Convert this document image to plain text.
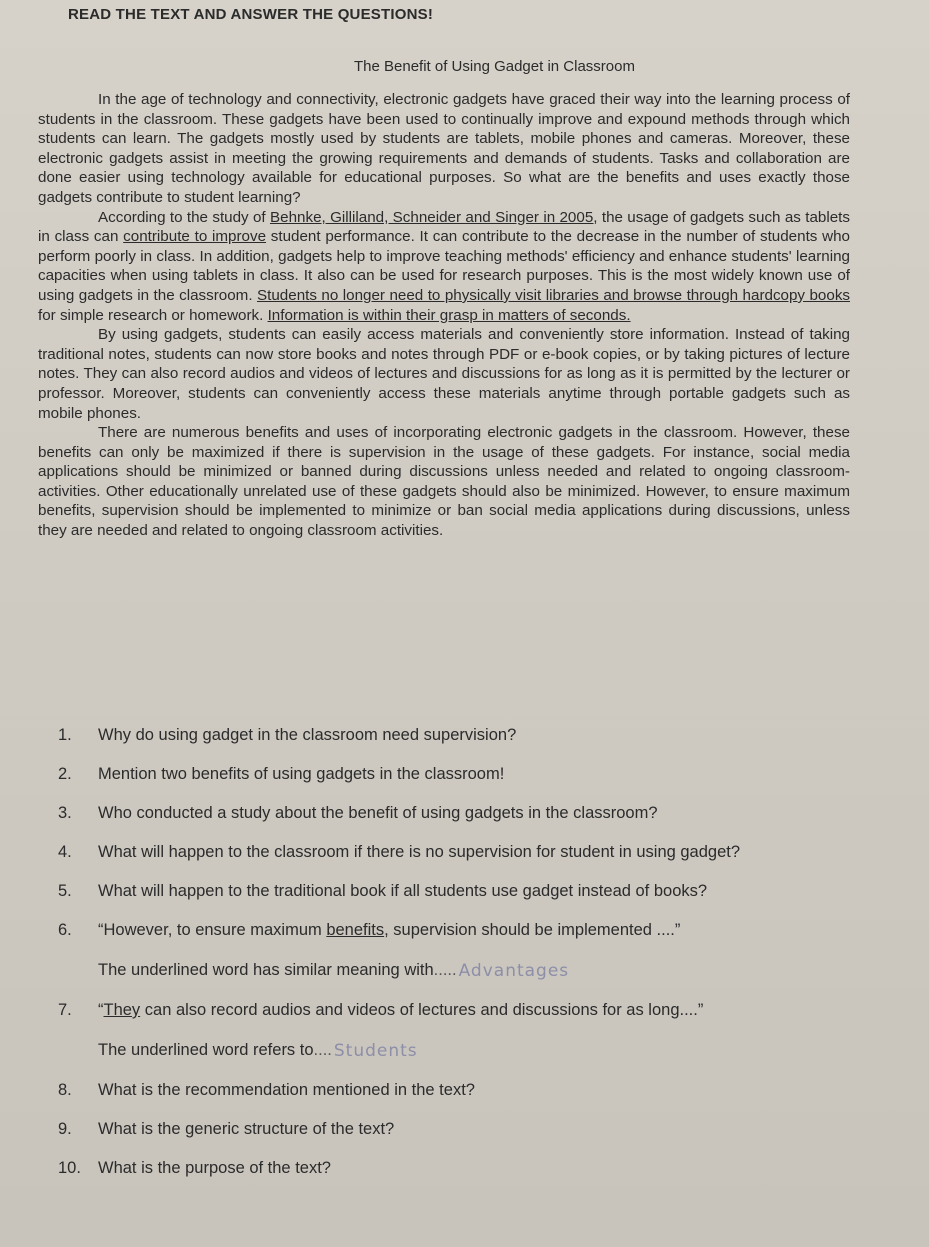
READ THE TEXT AND ANSWER THE QUESTIONS!
The Benefit of Using Gadget in Classroom

In the age of technology and connectivity, electronic gadgets have graced their way into the learning process of students in the classroom. These gadgets have been used to continually improve and expound methods through which students can learn. The gadgets mostly used by students are tablets, mobile phones and cameras. Moreover, these electronic gadgets assist in meeting the growing requirements and demands of students. Tasks and collaboration are done easier using technology available for educational purposes. So what are the benefits and uses exactly those gadgets contribute to student learning?

According to the study of Behnke, Gilliland, Schneider and Singer in 2005, the usage of gadgets such as tablets in class can contribute to improve student performance. It can contribute to the decrease in the number of students who perform poorly in class. In addition, gadgets help to improve teaching methods' efficiency and enhance students' learning capacities when using tablets in class. It also can be used for research purposes. This is the most widely known use of using gadgets in the classroom. Students no longer need to physically visit libraries and browse through hardcopy books for simple research or homework. Information is within their grasp in matters of seconds.

By using gadgets, students can easily access materials and conveniently store information. Instead of taking traditional notes, students can now store books and notes through PDF or e-book copies, or by taking pictures of lecture notes. They can also record audios and videos of lectures and discussions for as long as it is permitted by the lecturer or professor. Moreover, students can conveniently access these materials anytime through portable gadgets such as mobile phones.

There are numerous benefits and uses of incorporating electronic gadgets in the classroom. However, these benefits can only be maximized if there is supervision in the usage of these gadgets. For instance, social media applications should be minimized or banned during discussions unless needed and related to ongoing classroom-activities. Other educationally unrelated use of these gadgets should also be minimized. However, to ensure maximum benefits, supervision should be implemented to minimize or ban social media applications during discussions, unless they are needed and related to ongoing classroom activities.

1.	Why do using gadget in the classroom need supervision?
2.	Mention two benefits of using gadgets in the classroom!
3.	Who conducted a study about the benefit of using gadgets in the classroom?
4.	What will happen to the classroom if there is no supervision for student in using gadget?
5.	What will happen to the traditional book if all students use gadget instead of books?
6.	“However, to ensure maximum benefits, supervision should be implemented ....”
The underlined word has similar meaning with ..... Advantages
7.	“They can also record audios and videos of lectures and discussions for as long....”
The underlined word refers to .... Students
8.	What is the recommendation mentioned in the text?
9.	What is the generic structure of the text?
10.	What is the purpose of the text?
